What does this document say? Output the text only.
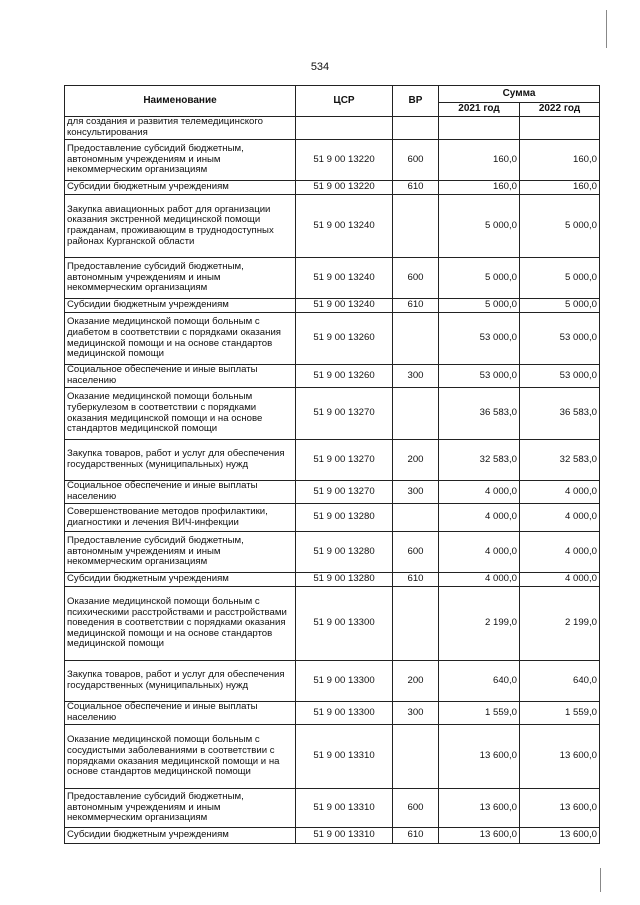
534
Наименование	ЦСР	ВР	Сумма	
			2021 год	2022 год
для создания и развития телемедицинского консультирования				
Предоставление субсидий бюджетным, автономным учреждениям и иным некоммерческим организациям	51 9 00 13220	600	160,0	160,0
Субсидии бюджетным учреждениям	51 9 00 13220	610	160,0	160,0
Закупка авиационных работ для организации оказания экстренной медицинской помощи гражданам, проживающим в труднодоступных районах Курганской области	51 9 00 13240		5 000,0	5 000,0
Предоставление субсидий бюджетным, автономным учреждениям и иным некоммерческим организациям	51 9 00 13240	600	5 000,0	5 000,0
Субсидии бюджетным учреждениям	51 9 00 13240	610	5 000,0	5 000,0
Оказание медицинской помощи больным с диабетом в соответствии с порядками оказания медицинской помощи и на основе стандартов медицинской помощи	51 9 00 13260		53 000,0	53 000,0
Социальное обеспечение и иные выплаты населению	51 9 00 13260	300	53 000,0	53 000,0
Оказание медицинской помощи больным туберкулезом в соответствии с порядками оказания медицинской помощи и на основе стандартов медицинской помощи	51 9 00 13270		36 583,0	36 583,0
Закупка товаров, работ и услуг для обеспечения государственных (муниципальных) нужд	51 9 00 13270	200	32 583,0	32 583,0
Социальное обеспечение и иные выплаты населению	51 9 00 13270	300	4 000,0	4 000,0
Совершенствование методов профилактики, диагностики и лечения ВИЧ-инфекции	51 9 00 13280		4 000,0	4 000,0
Предоставление субсидий бюджетным, автономным учреждениям и иным некоммерческим организациям	51 9 00 13280	600	4 000,0	4 000,0
Субсидии бюджетным учреждениям	51 9 00 13280	610	4 000,0	4 000,0
Оказание медицинской помощи больным с психическими расстройствами и расстройствами поведения в соответствии с порядками оказания медицинской помощи и на основе стандартов медицинской помощи	51 9 00 13300		2 199,0	2 199,0
Закупка товаров, работ и услуг для обеспечения государственных (муниципальных) нужд	51 9 00 13300	200	640,0	640,0
Социальное обеспечение и иные выплаты населению	51 9 00 13300	300	1 559,0	1 559,0
Оказание медицинской помощи больным с сосудистыми заболеваниями в соответствии с порядками оказания медицинской помощи и на основе стандартов медицинской помощи	51 9 00 13310		13 600,0	13 600,0
Предоставление субсидий бюджетным, автономным учреждениям и иным некоммерческим организациям	51 9 00 13310	600	13 600,0	13 600,0
Субсидии бюджетным учреждениям	51 9 00 13310	610	13 600,0	13 600,0
